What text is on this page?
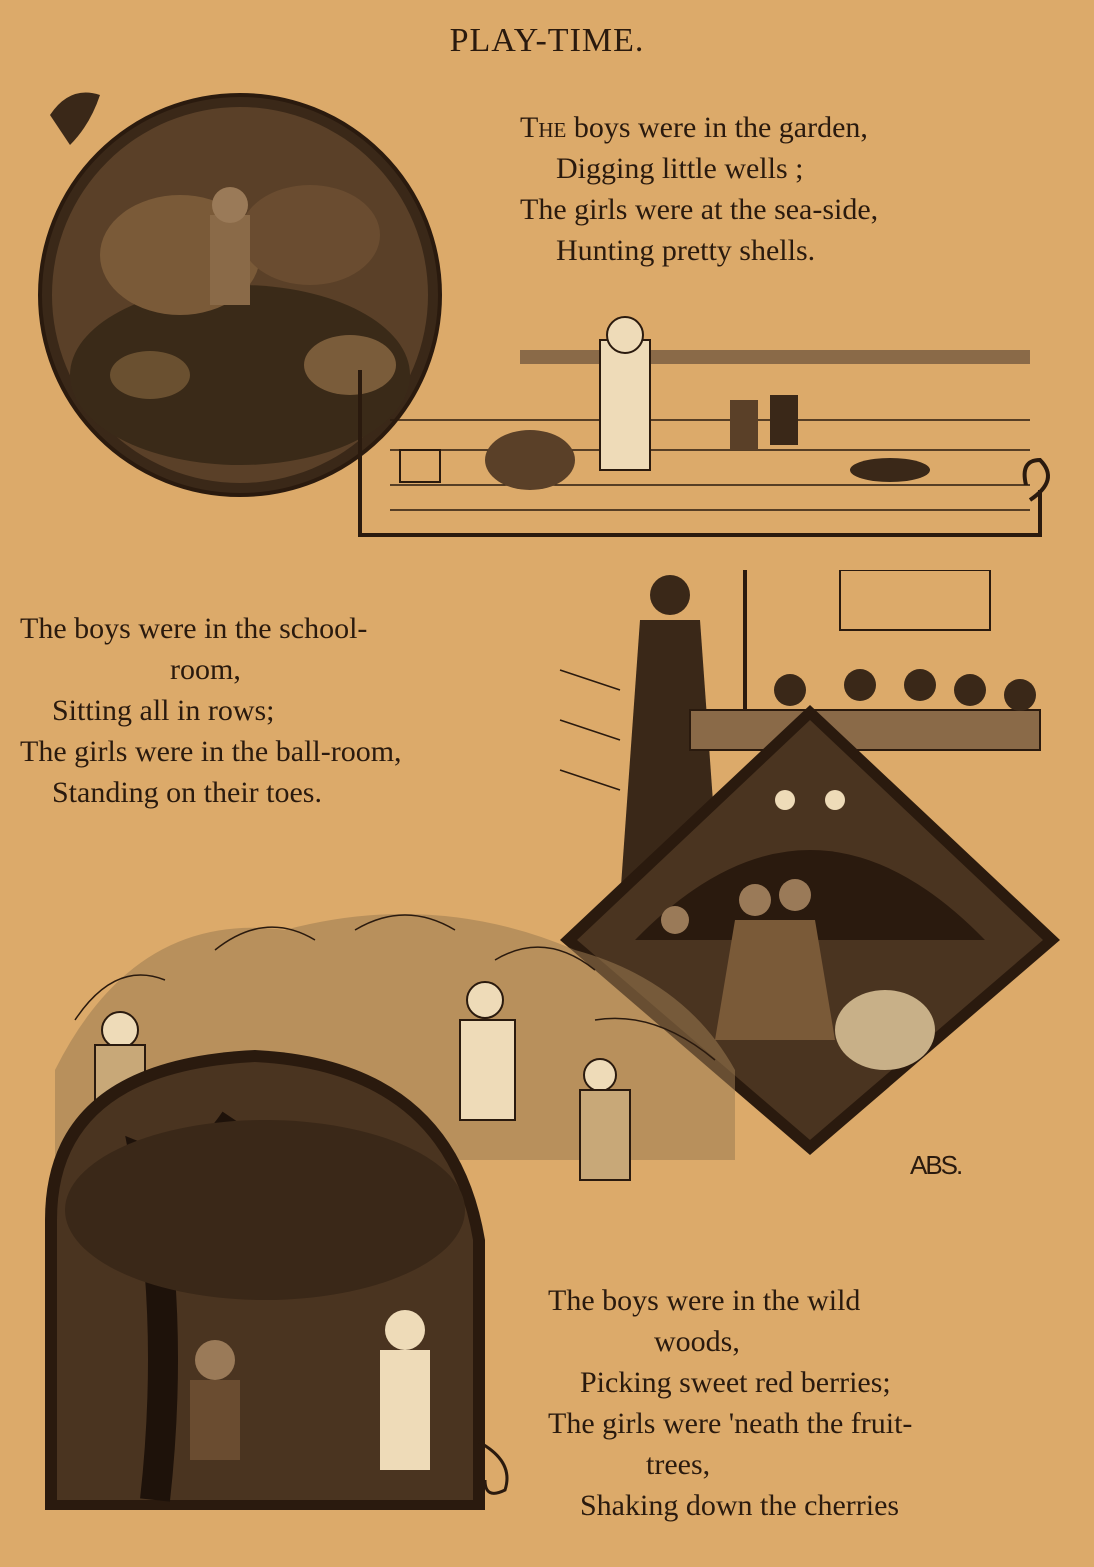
PLAY-TIME.
ABS.
The boys were in the garden,
Digging little wells ;
The girls were at the sea-side,
Hunting pretty shells.
The boys were in the school-
room,
Sitting all in rows;
The girls were in the ball-room,
Standing on their toes.
The boys were in the wild
woods,
Picking sweet red berries;
The girls were 'neath the fruit-
trees,
Shaking down the cherries
